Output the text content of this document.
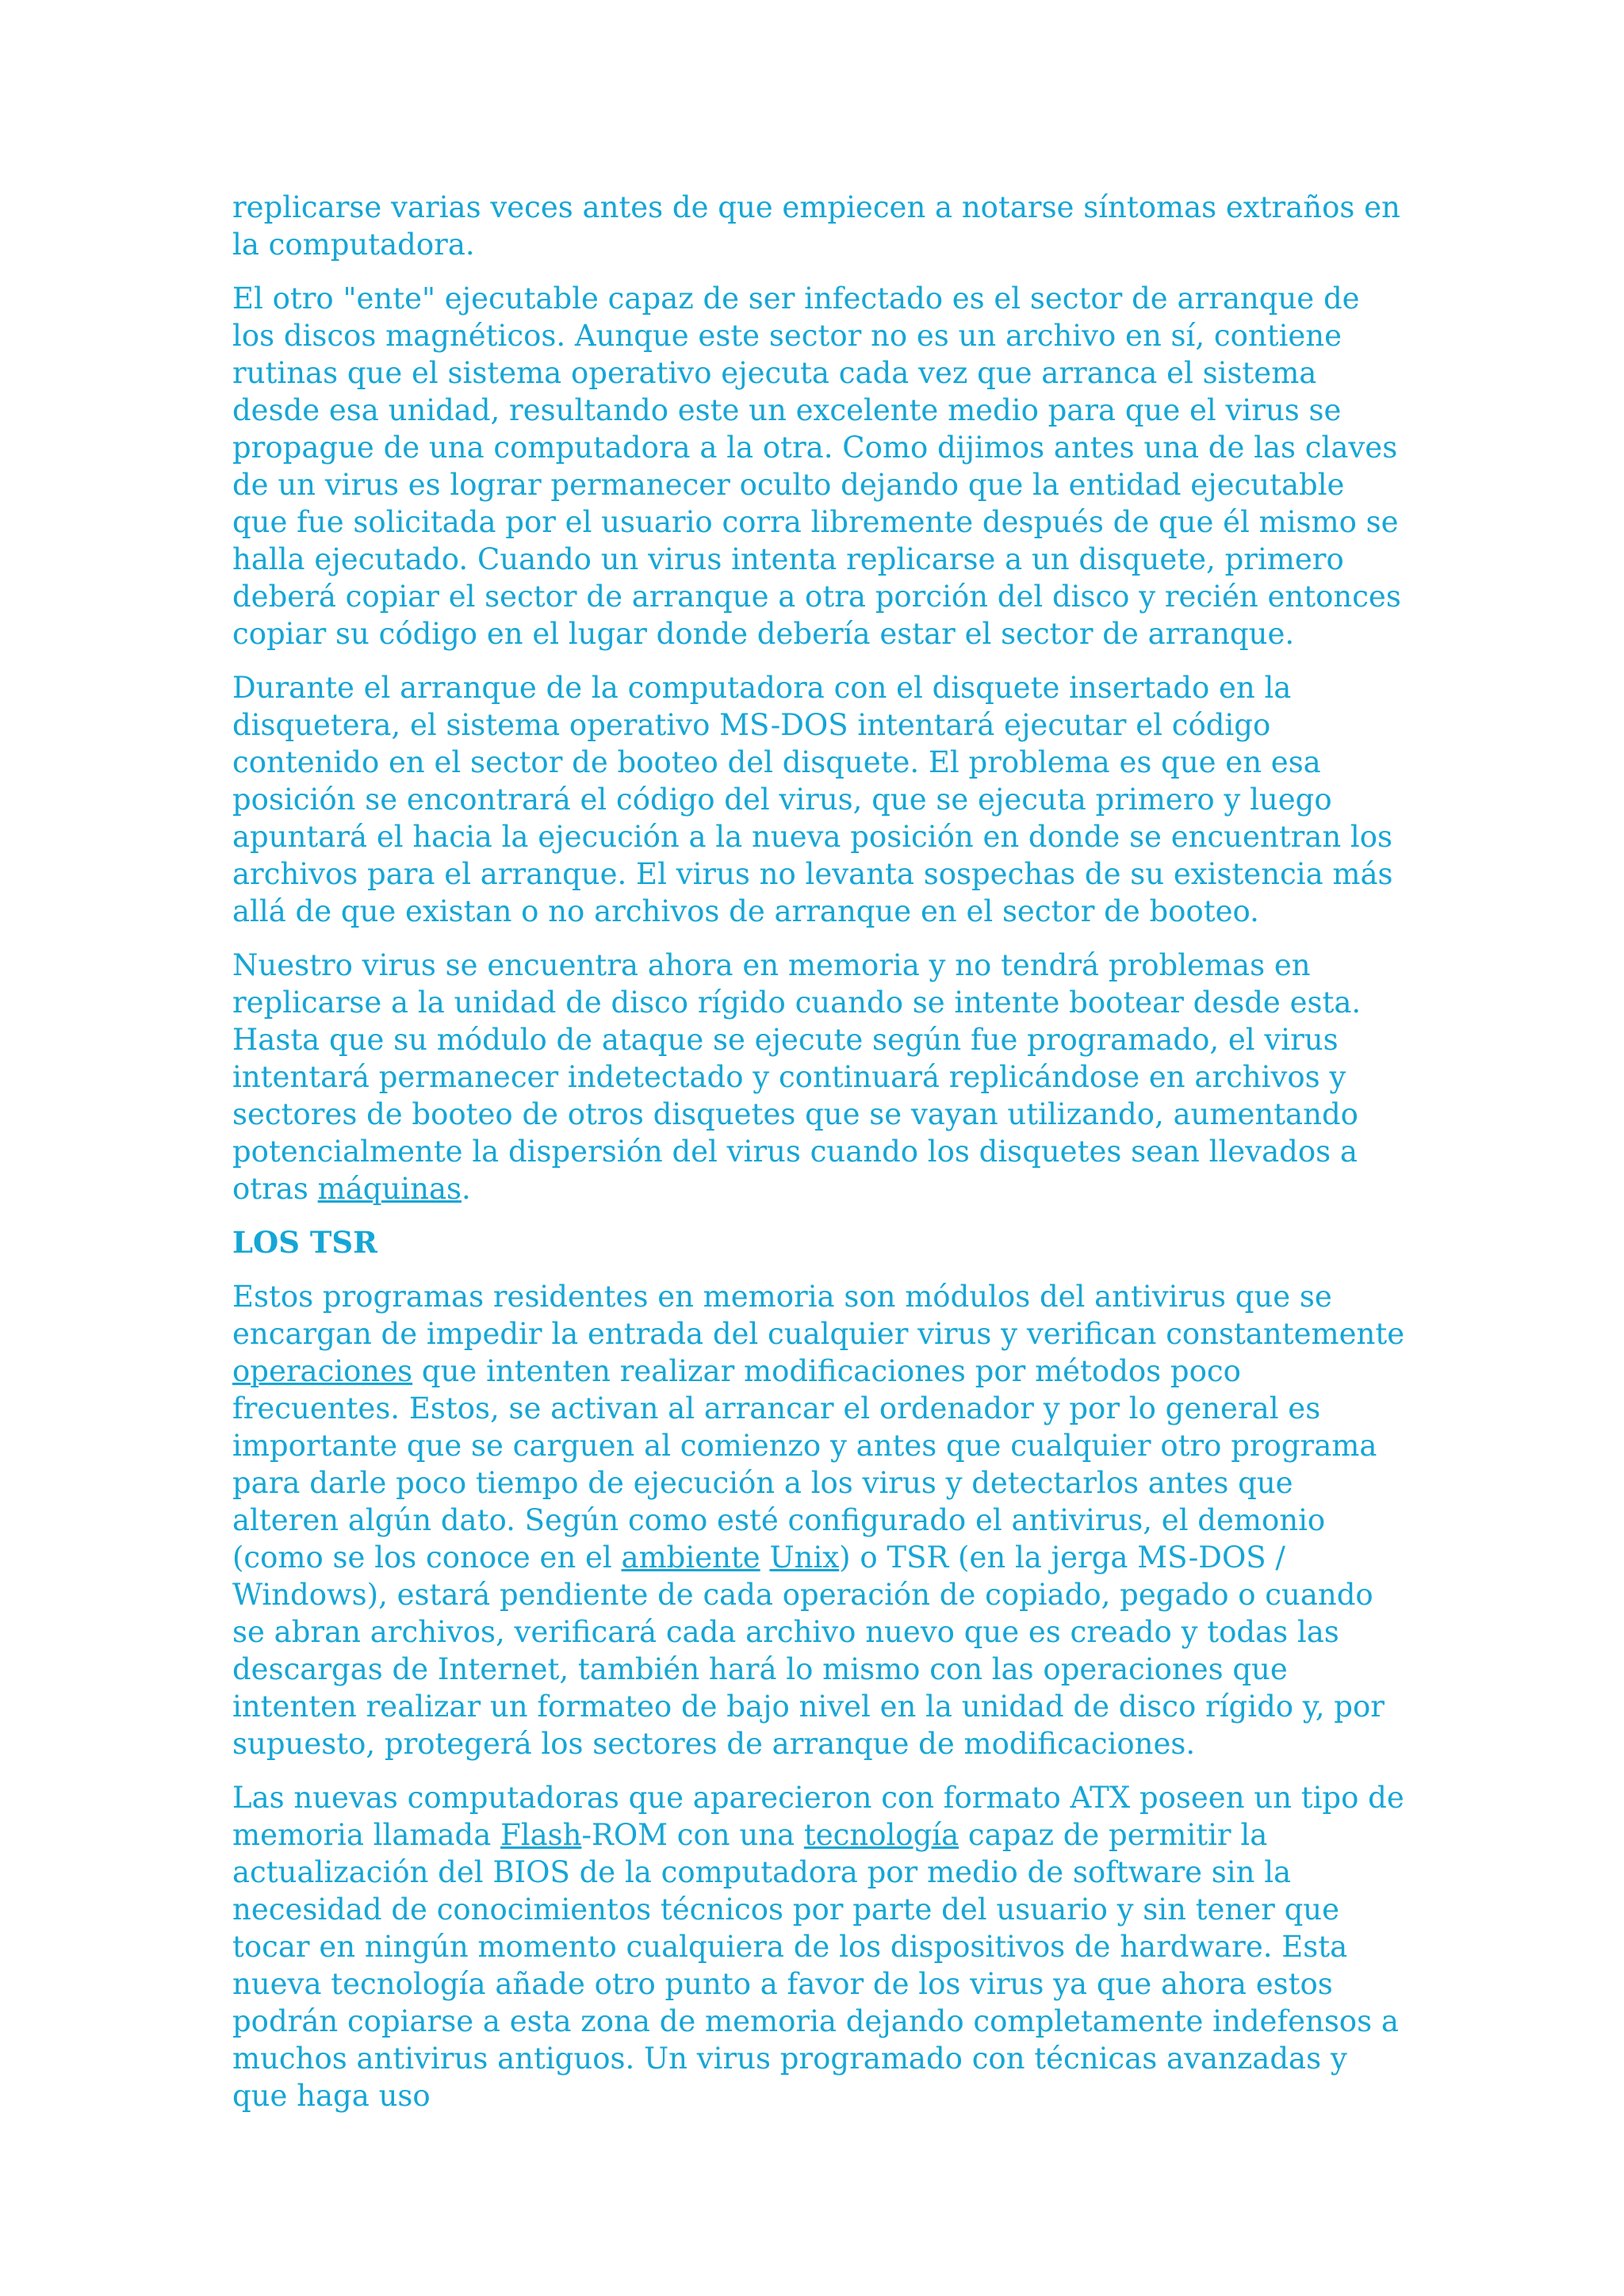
replicarse varias veces antes de que empiecen a notarse síntomas extraños en la computadora.

El otro "ente" ejecutable capaz de ser infectado es el sector de arranque de los discos magnéticos. Aunque este sector no es un archivo en sí, contiene rutinas que el sistema operativo ejecuta cada vez que arranca el sistema desde esa unidad, resultando este un excelente medio para que el virus se propague de una computadora a la otra. Como dijimos antes una de las claves de un virus es lograr permanecer oculto dejando que la entidad ejecutable que fue solicitada por el usuario corra libremente después de que él mismo se halla ejecutado. Cuando un virus intenta replicarse a un disquete, primero deberá copiar el sector de arranque a otra porción del disco y recién entonces copiar su código en el lugar donde debería estar el sector de arranque.

Durante el arranque de la computadora con el disquete insertado en la disquetera, el sistema operativo MS-DOS intentará ejecutar el código contenido en el sector de booteo del disquete. El problema es que en esa posición se encontrará el código del virus, que se ejecuta primero y luego apuntará el hacia la ejecución a la nueva posición en donde se encuentran los archivos para el arranque. El virus no levanta sospechas de su existencia más allá de que existan o no archivos de arranque en el sector de booteo.

Nuestro virus se encuentra ahora en memoria y no tendrá problemas en replicarse a la unidad de disco rígido cuando se intente bootear desde esta. Hasta que su módulo de ataque se ejecute según fue programado, el virus intentará permanecer indetectado y continuará replicándose en archivos y sectores de booteo de otros disquetes que se vayan utilizando, aumentando potencialmente la dispersión del virus cuando los disquetes sean llevados a otras máquinas.

LOS TSR

Estos programas residentes en memoria son módulos del antivirus que se encargan de impedir la entrada del cualquier virus y verifican constantemente operaciones que intenten realizar modificaciones por métodos poco frecuentes. Estos, se activan al arrancar el ordenador y por lo general es importante que se carguen al comienzo y antes que cualquier otro programa para darle poco tiempo de ejecución a los virus y detectarlos antes que alteren algún dato. Según como esté configurado el antivirus, el demonio (como se los conoce en el ambiente Unix) o TSR (en la jerga MS-DOS / Windows), estará pendiente de cada operación de copiado, pegado o cuando se abran archivos, verificará cada archivo nuevo que es creado y todas las descargas de Internet, también hará lo mismo con las operaciones que intenten realizar un formateo de bajo nivel en la unidad de disco rígido y, por supuesto, protegerá los sectores de arranque de modificaciones.

Las nuevas computadoras que aparecieron con formato ATX poseen un tipo de memoria llamada Flash-ROM con una tecnología capaz de permitir la actualización del BIOS de la computadora por medio de software sin la necesidad de conocimientos técnicos por parte del usuario y sin tener que tocar en ningún momento cualquiera de los dispositivos de hardware. Esta nueva tecnología añade otro punto a favor de los virus ya que ahora estos podrán copiarse a esta zona de memoria dejando completamente indefensos a muchos antivirus antiguos. Un virus programado con técnicas avanzadas y que haga uso
